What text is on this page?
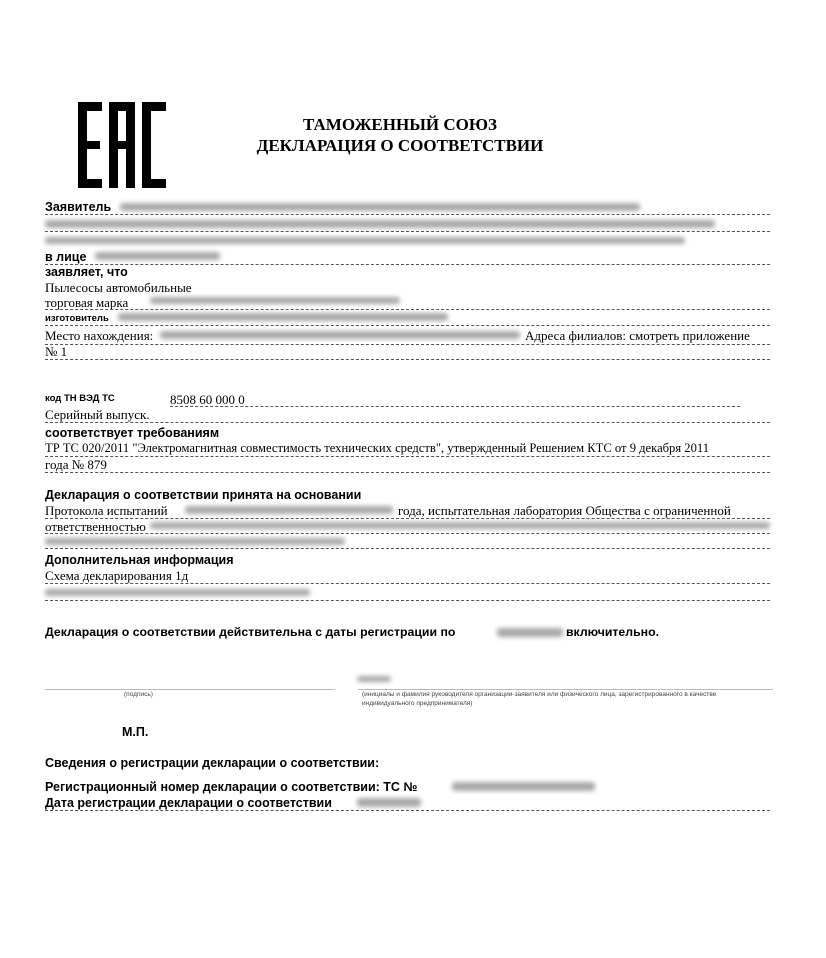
ТАМОЖЕННЫЙ СОЮЗ
ДЕКЛАРАЦИЯ О СООТВЕТСТВИИ
Заявитель
в лице
заявляет, что
Пылесосы автомобильные
торговая марка
изготовитель
Место нахождения:	Адреса филиалов: смотреть приложение
№ 1
код ТН ВЭД ТС	8508 60 000 0
Серийный выпуск.
соответствует требованиям
ТР ТС 020/2011 "Электромагнитная совместимость технических средств", утвержденный Решением КТС от 9 декабря 2011
года № 879
Декларация о соответствии принята на основании
Протокола испытаний	года, испытательная лаборатория Общества с ограниченной
ответственностью
Дополнительная информация
Схема декларирования 1д
Декларация о соответствии действительна с даты регистрации по	включительно.
(подпись)	(инициалы и фамилия руководителя организации-заявителя или физического лица, зарегистрированного в качестве
индивидуального предпринимателя)
М.П.
Сведения о регистрации декларации о соответствии:
Регистрационный номер декларации о соответствии: ТС №
Дата регистрации декларации о соответствии
